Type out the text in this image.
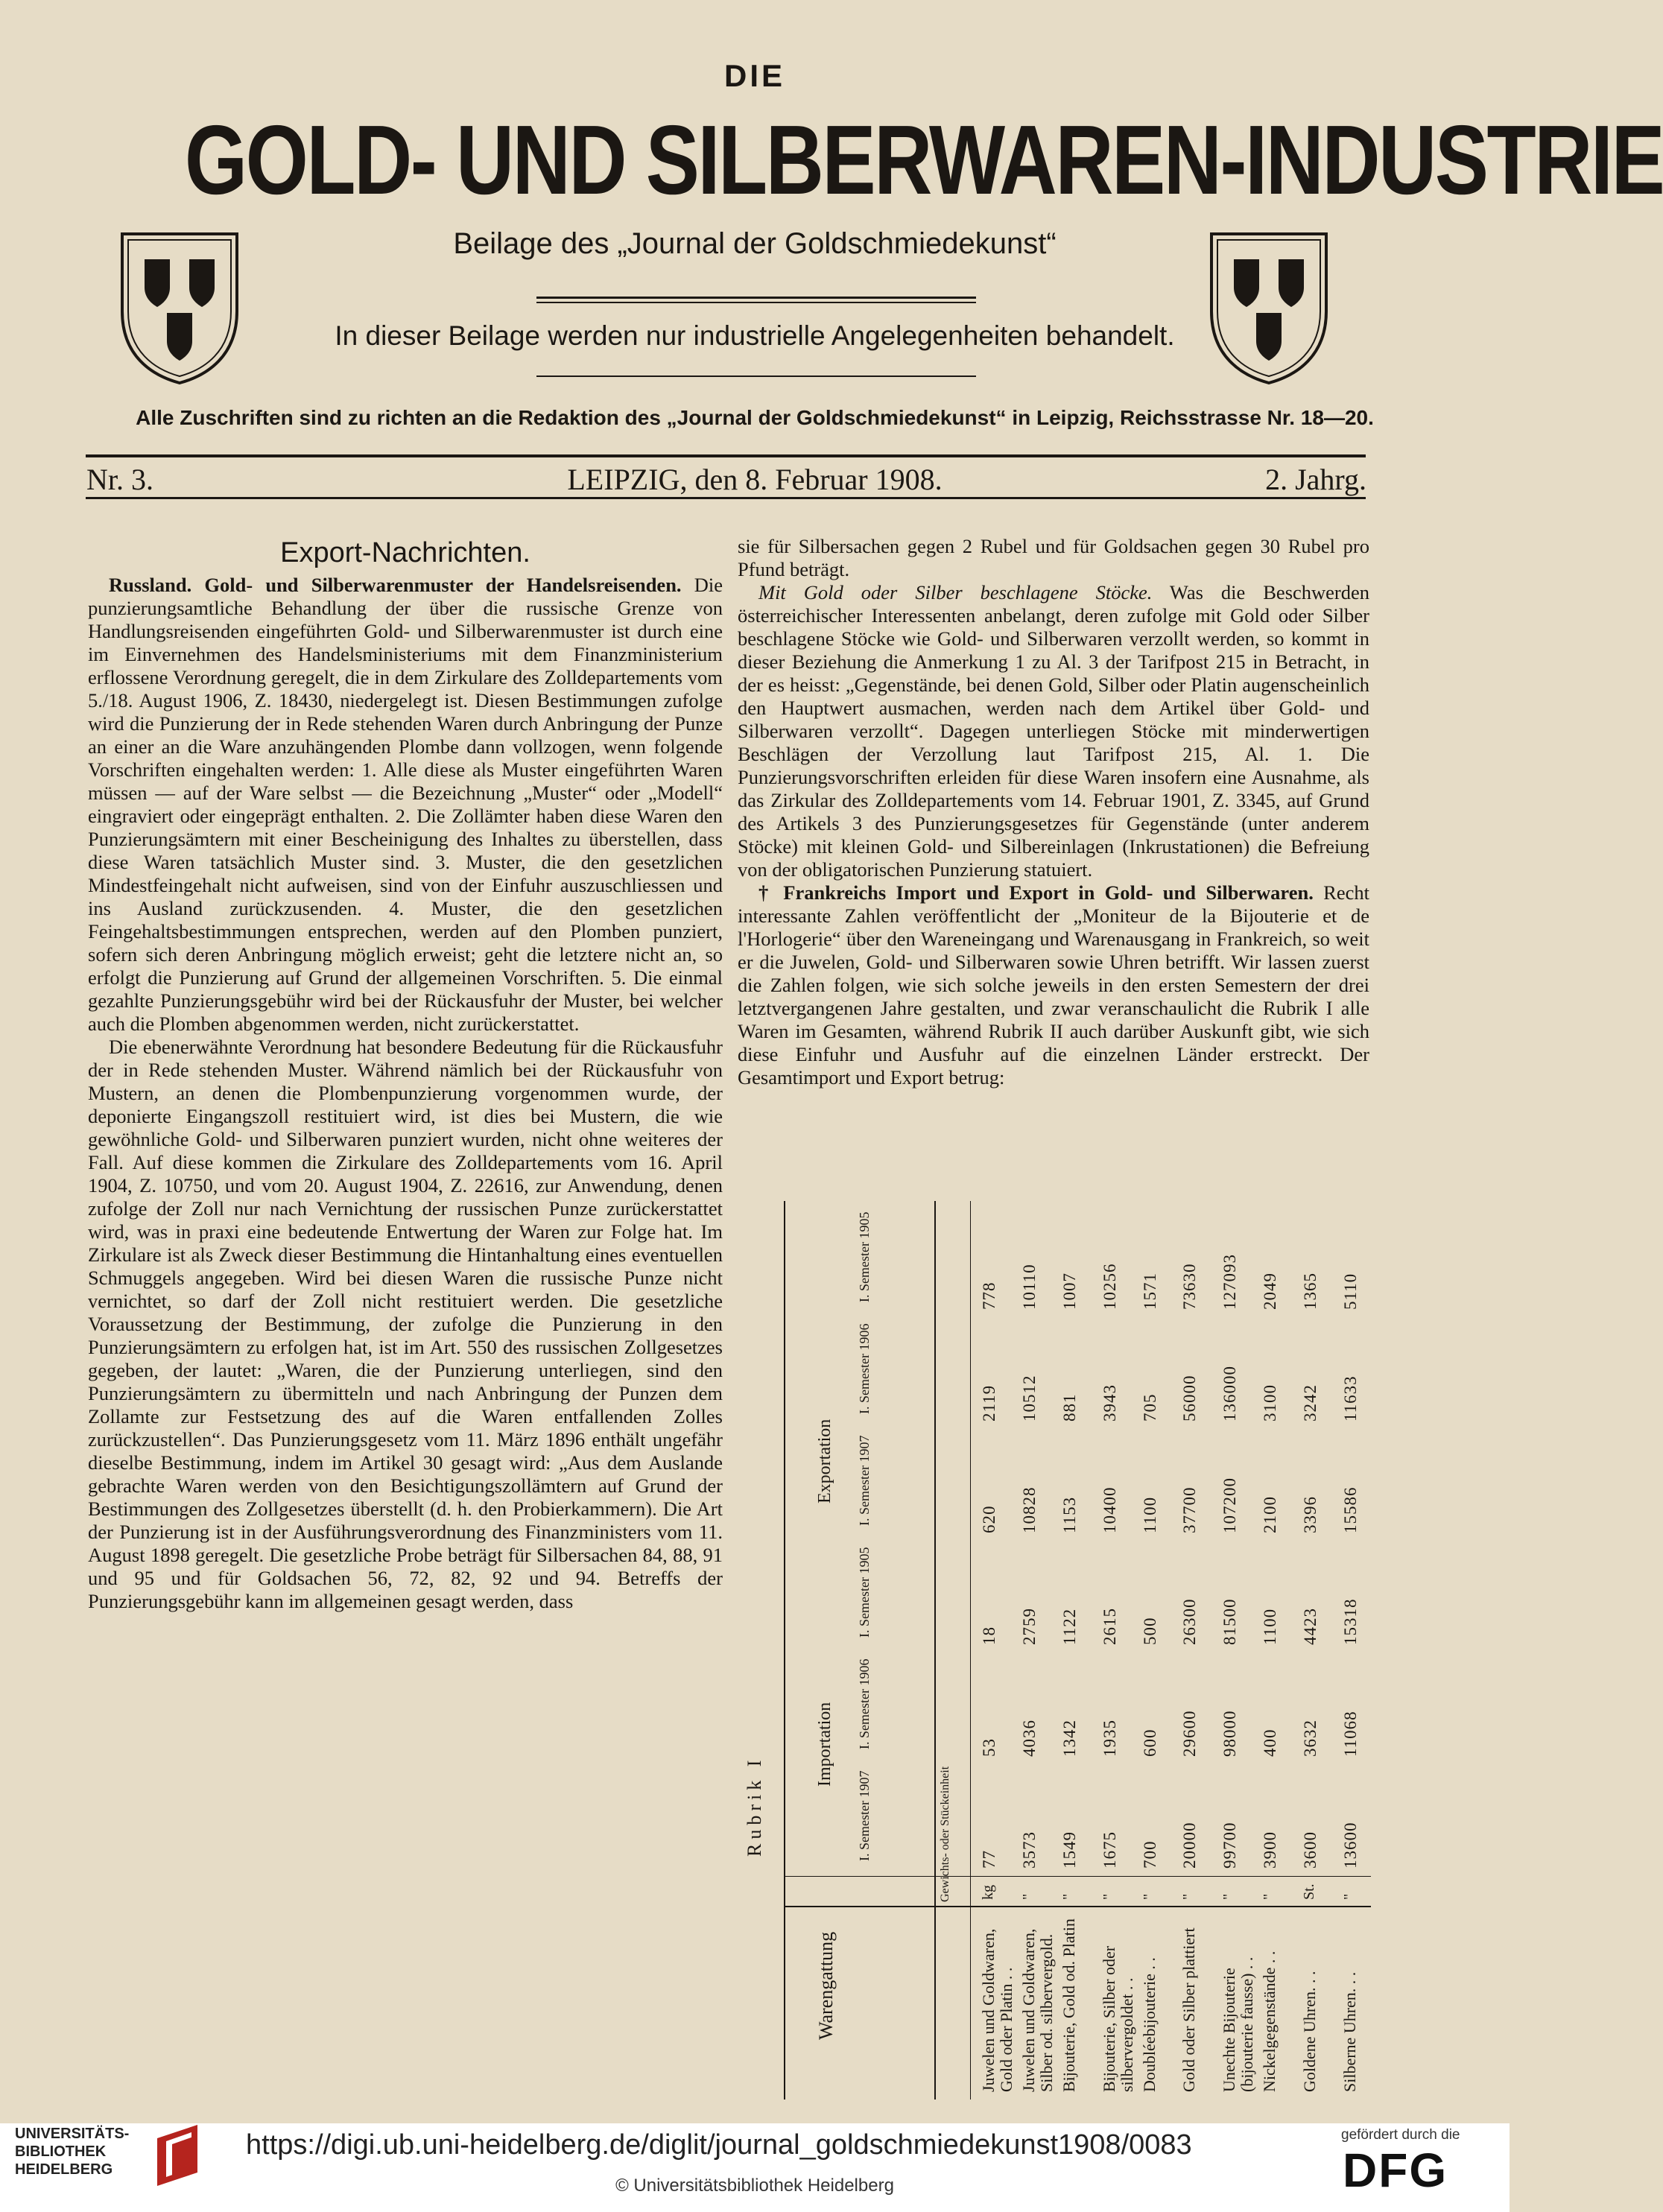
DIE
GOLD- UND SILBERWAREN-INDUSTRIE
Beilage des „Journal der Goldschmiedekunst“
In dieser Beilage werden nur industrielle Angelegenheiten behandelt.
Alle Zuschriften sind zu richten an die Redaktion des „Journal der Goldschmiedekunst“ in Leipzig, Reichsstrasse Nr. 18—20.
Nr. 3.	LEIPZIG, den 8. Februar 1908.	2. Jahrg.
Export-Nachrichten.

Russland. Gold- und Silberwarenmuster der Handelsreisenden. Die punzierungsamtliche Behandlung der über die russische Grenze von Handlungsreisenden eingeführten Gold- und Silberwarenmuster ist durch eine im Einvernehmen des Handelsministeriums mit dem Finanzministerium erflossene Verordnung geregelt, die in dem Zirkulare des Zolldepartements vom 5./18. August 1906, Z. 18430, niedergelegt ist. Diesen Bestimmungen zufolge wird die Punzierung der in Rede stehenden Waren durch Anbringung der Punze an einer an die Ware anzuhängenden Plombe dann vollzogen, wenn folgende Vorschriften eingehalten werden: 1. Alle diese als Muster eingeführten Waren müssen — auf der Ware selbst — die Bezeichnung „Muster“ oder „Modell“ eingraviert oder eingeprägt enthalten. 2. Die Zollämter haben diese Waren den Punzierungsämtern mit einer Bescheinigung des Inhaltes zu überstellen, dass diese Waren tatsächlich Muster sind. 3. Muster, die den gesetzlichen Mindestfeingehalt nicht aufweisen, sind von der Einfuhr auszuschliessen und ins Ausland zurückzusenden. 4. Muster, die den gesetzlichen Feingehaltsbestimmungen entsprechen, werden auf den Plomben punziert, sofern sich deren Anbringung möglich erweist; geht die letztere nicht an, so erfolgt die Punzierung auf Grund der allgemeinen Vorschriften. 5. Die einmal gezahlte Punzierungsgebühr wird bei der Rückausfuhr der Muster, bei welcher auch die Plomben abgenommen werden, nicht zurückerstattet.

Die ebenerwähnte Verordnung hat besondere Bedeutung für die Rückausfuhr der in Rede stehenden Muster. Während nämlich bei der Rückausfuhr von Mustern, an denen die Plombenpunzierung vorgenommen wurde, der deponierte Eingangszoll restituiert wird, ist dies bei Mustern, die wie gewöhnliche Gold- und Silberwaren punziert wurden, nicht ohne weiteres der Fall. Auf diese kommen die Zirkulare des Zolldepartements vom 16. April 1904, Z. 10750, und vom 20. August 1904, Z. 22616, zur Anwendung, denen zufolge der Zoll nur nach Vernichtung der russischen Punze zurückerstattet wird, was in praxi eine bedeutende Entwertung der Waren zur Folge hat. Im Zirkulare ist als Zweck dieser Bestimmung die Hintanhaltung eines eventuellen Schmuggels angegeben. Wird bei diesen Waren die russische Punze nicht vernichtet, so darf der Zoll nicht restituiert werden. Die gesetzliche Voraussetzung der Bestimmung, der zufolge die Punzierung in den Punzierungsämtern zu erfolgen hat, ist im Art. 550 des russischen Zollgesetzes gegeben, der lautet: „Waren, die der Punzierung unterliegen, sind den Punzierungsämtern zu übermitteln und nach Anbringung der Punzen dem Zollamte zur Festsetzung des auf die Waren entfallenden Zolles zurückzustellen“. Das Punzierungsgesetz vom 11. März 1896 enthält ungefähr dieselbe Bestimmung, indem im Artikel 30 gesagt wird: „Aus dem Auslande gebrachte Waren werden von den Besichtigungszollämtern auf Grund der Bestimmungen des Zollgesetzes überstellt (d. h. den Probierkammern). Die Art der Punzierung ist in der Ausführungsverordnung des Finanzministers vom 11. August 1898 geregelt. Die gesetzliche Probe beträgt für Silbersachen 84, 88, 91 und 95 und für Goldsachen 56, 72, 82, 92 und 94. Betreffs der Punzierungsgebühr kann im allgemeinen gesagt werden, dass

sie für Silbersachen gegen 2 Rubel und für Goldsachen gegen 30 Rubel pro Pfund beträgt.

Mit Gold oder Silber beschlagene Stöcke. Was die Beschwerden österreichischer Interessenten anbelangt, deren zufolge mit Gold oder Silber beschlagene Stöcke wie Gold- und Silberwaren verzollt werden, so kommt in dieser Beziehung die Anmerkung 1 zu Al. 3 der Tarifpost 215 in Betracht, in der es heisst: „Gegenstände, bei denen Gold, Silber oder Platin augenscheinlich den Hauptwert ausmachen, werden nach dem Artikel über Gold- und Silberwaren verzollt“. Dagegen unterliegen Stöcke mit minderwertigen Beschlägen der Verzollung laut Tarifpost 215, Al. 1. Die Punzierungsvorschriften erleiden für diese Waren insofern eine Ausnahme, als das Zirkular des Zolldepartements vom 14. Februar 1901, Z. 3345, auf Grund des Artikels 3 des Punzierungsgesetzes für Gegenstände (unter anderem Stöcke) mit kleinen Gold- und Silbereinlagen (Inkrustationen) die Befreiung von der obligatorischen Punzierung statuiert.

† Frankreichs Import und Export in Gold- und Silberwaren. Recht interessante Zahlen veröffentlicht der „Moniteur de la Bijouterie et de l'Horlogerie“ über den Wareneingang und Warenausgang in Frankreich, so weit er die Juwelen, Gold- und Silberwaren sowie Uhren betrifft. Wir lassen zuerst die Zahlen folgen, wie sich solche jeweils in den ersten Semestern der drei letztvergangenen Jahre gestalten, und zwar veranschaulicht die Rubrik I alle Waren im Gesamten, während Rubrik II auch darüber Auskunft gibt, wie sich diese Einfuhr und Ausfuhr auf die einzelnen Länder erstreckt. Der Gesamtimport und Export betrug:

Rubrik I
Warengattung
Importation
Exportation
I. Semester 1907
I. Semester 1906
I. Semester 1905
I. Semester 1907
I. Semester 1906
I. Semester 1905
Gewichts- oder Stückeinheit
Juwelen und Goldwaren, Gold oder Platin . .
kg
77
53
18
620
2119
778
Juwelen und Goldwaren, Silber od. silbervergold.
"
3573
4036
2759
10828
10512
10110
Bijouterie, Gold od. Platin
"
1549
1342
1122
1153
881
1007
Bijouterie, Silber oder silbervergoldet . .
"
1675
1935
2615
10400
3943
10256
Doubléebijouterie . .
"
700
600
500
1100
705
1571
Gold oder Silber plattiert
"
20000
29600
26300
37700
56000
73630
Unechte Bijouterie (bijouterie fausse) . .
"
99700
98000
81500
107200
136000
127093
Nickelgegenstände . .
"
3900
400
1100
2100
3100
2049
Goldene Uhren. . .
St.
3600
3632
4423
3396
3242
1365
Silberne Uhren. . .
"
13600
11068
15318
15586
11633
5110
UNIVERSITÄTS-
BIBLIOTHEK
HEIDELBERG
https://digi.ub.uni-heidelberg.de/diglit/journal_goldschmiedekunst1908/0083
© Universitätsbibliothek Heidelberg
gefördert durch die
DFG
